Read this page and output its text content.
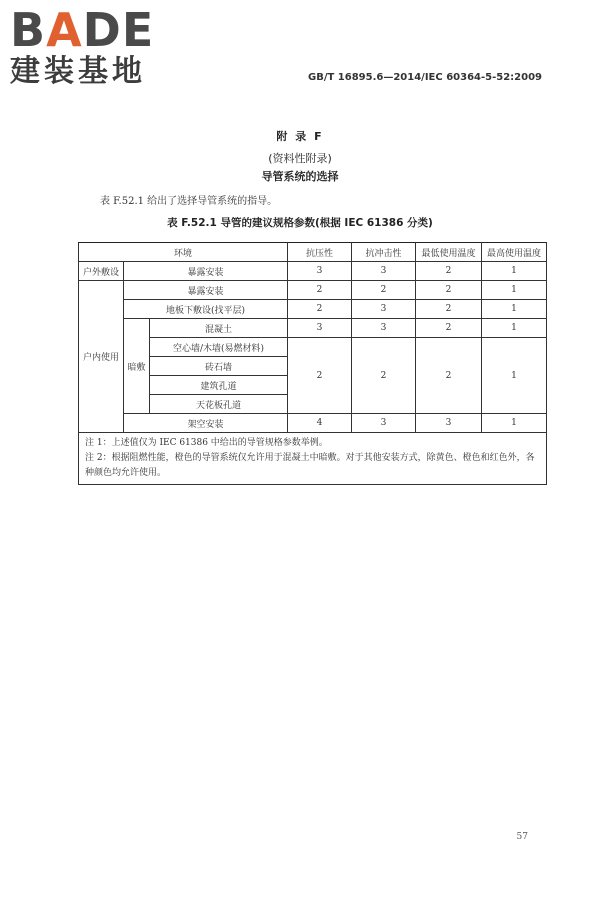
BADE
建装基地	GB/T 16895.6—2014/IEC 60364-5-52:2009
附 录 F
(资料性附录)
导管系统的选择
表 F.52.1 给出了选择导管系统的指导。
表 F.52.1 导管的建议规格参数(根据 IEC 61386 分类)
环境			抗压性	抗冲击性	最低使用温度	最高使用温度
户外敷设	暴露安装		3	3	2	1
户内使用	暴露安装		2	2	2	1
	地板下敷设(找平层)		2	3	2	1
	暗敷	混凝土	3	3	2	1
		空心墙/木墙(易燃材料)	2	2	2	1
		砖石墙				
		建筑孔道				
		天花板孔道				
	架空安装		4	3	3	1

注 1：上述值仅为 IEC 61386 中给出的导管规格参数举例。
注 2：根据阻燃性能，橙色的导管系统仅允许用于混凝土中暗敷。对于其他安装方式，除黄色、橙色和红色外，各种颜色均允许使用。						
57
